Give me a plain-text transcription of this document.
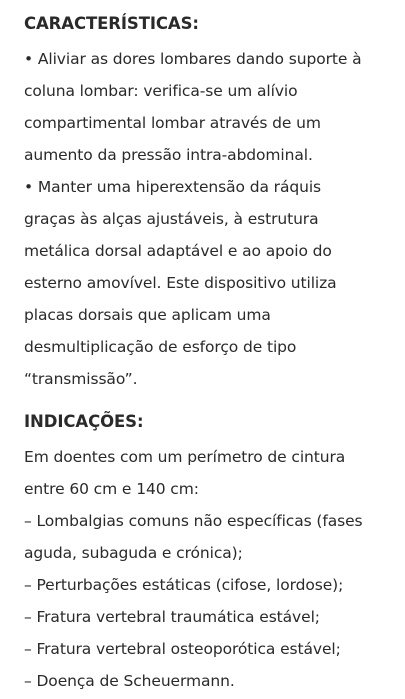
CARACTERÍSTICAS:

• Aliviar as dores lombares dando suporte à

coluna lombar: verifica-se um alívio

compartimental lombar através de um

aumento da pressão intra-abdominal.

• Manter uma hiperextensão da ráquis

graças às alças ajustáveis, à estrutura

metálica dorsal adaptável e ao apoio do

esterno amovível. Este dispositivo utiliza

placas dorsais que aplicam uma

desmultiplicação de esforço de tipo

“transmissão”.

INDICAÇÕES:

Em doentes com um perímetro de cintura

entre 60 cm e 140 cm:

– Lombalgias comuns não específicas (fases

aguda, subaguda e crónica);

– Perturbações estáticas (cifose, lordose);

– Fratura vertebral traumática estável;

– Fratura vertebral osteoporótica estável;

– Doença de Scheuermann.
